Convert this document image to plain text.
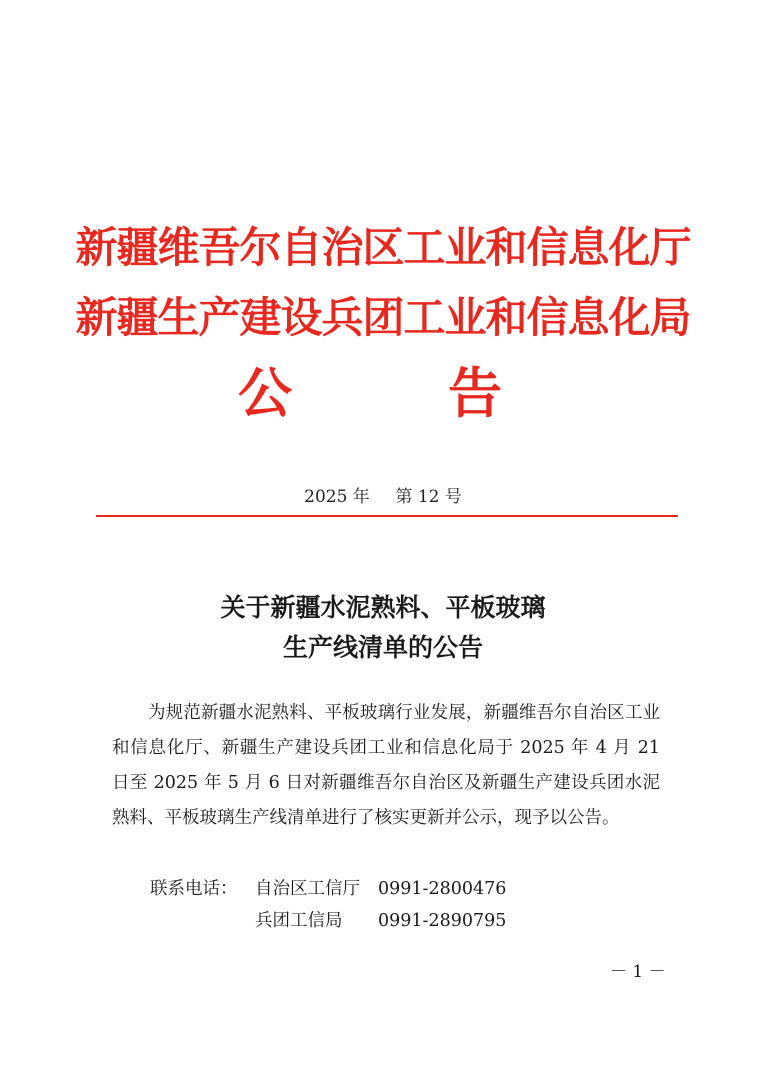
新疆维吾尔自治区工业和信息化厅
新疆生产建设兵团工业和信息化局
公	告
2025 年 第 12 号
关于新疆水泥熟料、平板玻璃
生产线清单的公告

为规范新疆水泥熟料、平板玻璃行业发展，新疆维吾尔自治区工业和信息化厅、新疆生产建设兵团工业和信息化局于 2025 年 4 月 21 日至 2025 年 5 月 6 日对新疆维吾尔自治区及新疆生产建设兵团水泥熟料、平板玻璃生产线清单进行了核实更新并公示，现予以公告。

联系电话： 自治区工信厅 0991-2800476
兵团工信局 0991-2890795
－ 1 －
